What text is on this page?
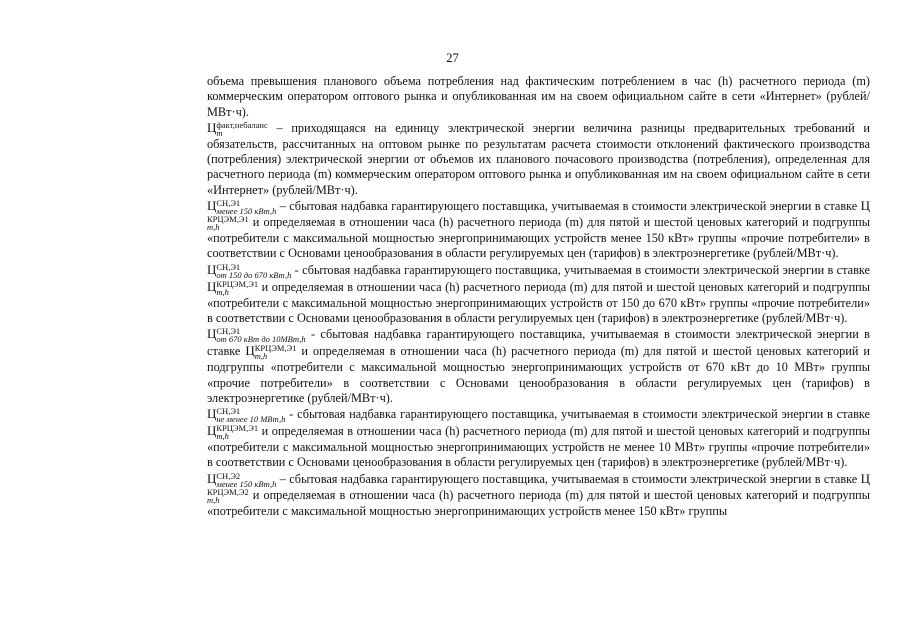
27

объема превышения планового объема потребления над фактическим потреблением в час (h) расчетного периода (m) коммерческим оператором оптового рынка и опубликованная им на своем официальном сайте в сети «Интернет» (рублей/МВт·ч).

Ц факт,небаланс
m	– приходящаяся на единицу электрической энергии величина разницы предварительных требований и обязательств, рассчитанных на оптовом рынке по результатам расчета стоимости отклонений фактического производства (потребления) электрической энергии от объемов их планового почасового производства (потребления), определенная для расчетного периода (m) коммерческим оператором оптового рынка и опубликованная им на своем официальном сайте в сети «Интернет» (рублей/МВт·ч).

Ц СН,Э1
менее 150 кВт,h – сбытовая надбавка гарантирующего поставщика, учитываемая в стоимости электрической энергии в ставке Ц
КРЦЭМ,Э1
m,h	и определяемая в отношении часа (h) расчетного периода (m) для пятой и шестой ценовых категорий и подгруппы «потребители с максимальной мощностью энергопринимающих устройств менее 150 кВт» группы «прочие потребители» в соответствии с Основами ценообразования в области регулируемых цен (тарифов) в электроэнергетике (рублей/МВт·ч).

Ц СН,Э1
от 150 до 670 кВт,h - сбытовая надбавка гарантирующего поставщика, учитываемая в стоимости электрической энергии в ставке Ц КРЦЭМ,Э1
m,h	и определяемая в отношении часа (h) расчетного периода (m) для пятой и шестой ценовых категорий и подгруппы «потребители с максимальной мощностью энергопринимающих устройств от 150 до 670 кВт» группы «прочие потребители» в соответствии с Основами ценообразования в области регулируемых цен (тарифов) в электроэнергетике (рублей/МВт·ч).

Ц СН,Э1
от 670 кВт до 10МВт,h - сбытовая надбавка гарантирующего поставщика, учитываемая в стоимости электрической энергии в ставке Ц КРЦЭМ,Э1
m,h	и определяемая в отношении часа (h) расчетного периода (m) для пятой и шестой ценовых категорий и подгруппы «потребители с максимальной мощностью энергопринимающих устройств от 670 кВт до 10 МВт» группы «прочие потребители» в соответствии с Основами ценообразования в области регулируемых цен (тарифов) в электроэнергетике (рублей/МВт·ч).

Ц СН,Э1
не менее 10 МВт,h - сбытовая надбавка гарантирующего поставщика, учитываемая в стоимости электрической энергии в ставке Ц КРЦЭМ,Э1
m,h	и определяемая в отношении часа (h) расчетного периода (m) для пятой и шестой ценовых категорий и подгруппы «потребители с максимальной мощностью энергопринимающих устройств не менее 10 МВт» группы «прочие потребители» в соответствии с Основами ценообразования в области регулируемых цен (тарифов) в электроэнергетике (рублей/МВт·ч).

Ц СН,Э2
менее 150 кВт,h – сбытовая надбавка гарантирующего поставщика, учитываемая в стоимости электрической энергии в ставке Ц
КРЦЭМ,Э2
m,h	и определяемая в отношении часа (h) расчетного периода (m) для пятой и шестой ценовых категорий и подгруппы «потребители с максимальной мощностью энергопринимающих устройств менее 150 кВт» группы
